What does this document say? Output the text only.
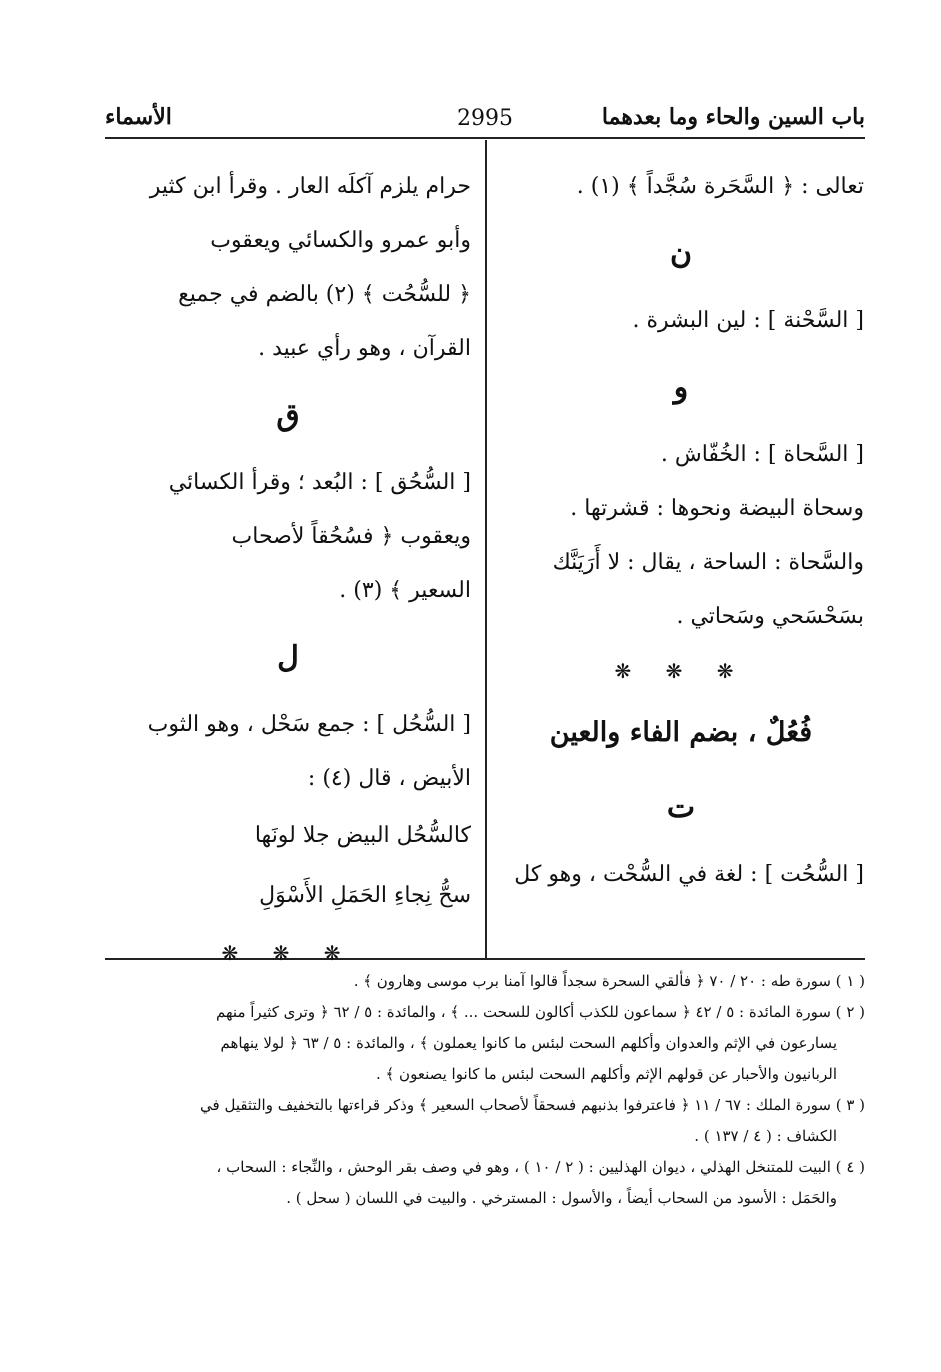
باب السين والحاء وما بعدهما
2995
الأسماء
تعالى : ﴿ السَّحَرة سُجَّداً ﴾ (١) .
ن
[ السَّحْنة ] : لين البشرة .
و
[ السَّحاة ] : الخُفّاش .
وسحاة البيضة ونحوها : قشرتها .
والسَّحاة : الساحة ، يقال : لا أَرَيَنَّك
بسَحْسَحي وسَحاتي .
❋ ❋ ❋
فُعُلٌ ، بضم الفاء والعين
ت
[ السُّحُت ] : لغة في السُّحْت ، وهو كل
حرام يلزم آكلَه العار . وقرأ ابن كثير
وأبو عمرو والكسائي ويعقوب
﴿ للسُّحُت ﴾ (٢) بالضم في جميع
القرآن ، وهو رأي عبيد .
ق
[ السُّحُق ] : البُعد ؛ وقرأ الكسائي
ويعقوب ﴿ فسُحُقاً لأصحاب
السعير ﴾ (٣) .
ل
[ السُّحُل ] : جمع سَحْل ، وهو الثوب
الأبيض ، قال (٤) :
كالسُّحُل البيض جلا لونَها
سحُّ نِجاءِ الحَمَلِ الأَسْوَلِ
❋ ❋ ❋
( ١ ) سورة طه : ٢٠ / ٧٠ ﴿ فألقي السحرة سجداً قالوا آمنا برب موسى وهارون ﴾ .
( ٢ ) سورة المائدة : ٥ / ٤٢ ﴿ سماعون للكذب أكالون للسحت ... ﴾ ، والمائدة : ٥ / ٦٢ ﴿ وترى كثيراً منهم
يسارعون في الإثم والعدوان وأكلهم السحت لبئس ما كانوا يعملون ﴾ ، والمائدة : ٥ / ٦٣ ﴿ لولا ينهاهم
الربانيون والأحبار عن قولهم الإثم وأكلهم السحت لبئس ما كانوا يصنعون ﴾ .
( ٣ ) سورة الملك : ٦٧ / ١١ ﴿ فاعترفوا بذنبهم فسحقاً لأصحاب السعير ﴾ وذكر قراءتها بالتخفيف والتثقيل في
الكشاف : ( ٤ / ١٣٧ ) .
( ٤ ) البيت للمتنخل الهذلي ، ديوان الهذليين : ( ٢ / ١٠ ) ، وهو في وصف بقر الوحش ، والنِّجاء : السحاب ،
والحَمَل : الأسود من السحاب أيضاً ، والأسول : المسترخي . والبيت في اللسان ( سحل ) .
